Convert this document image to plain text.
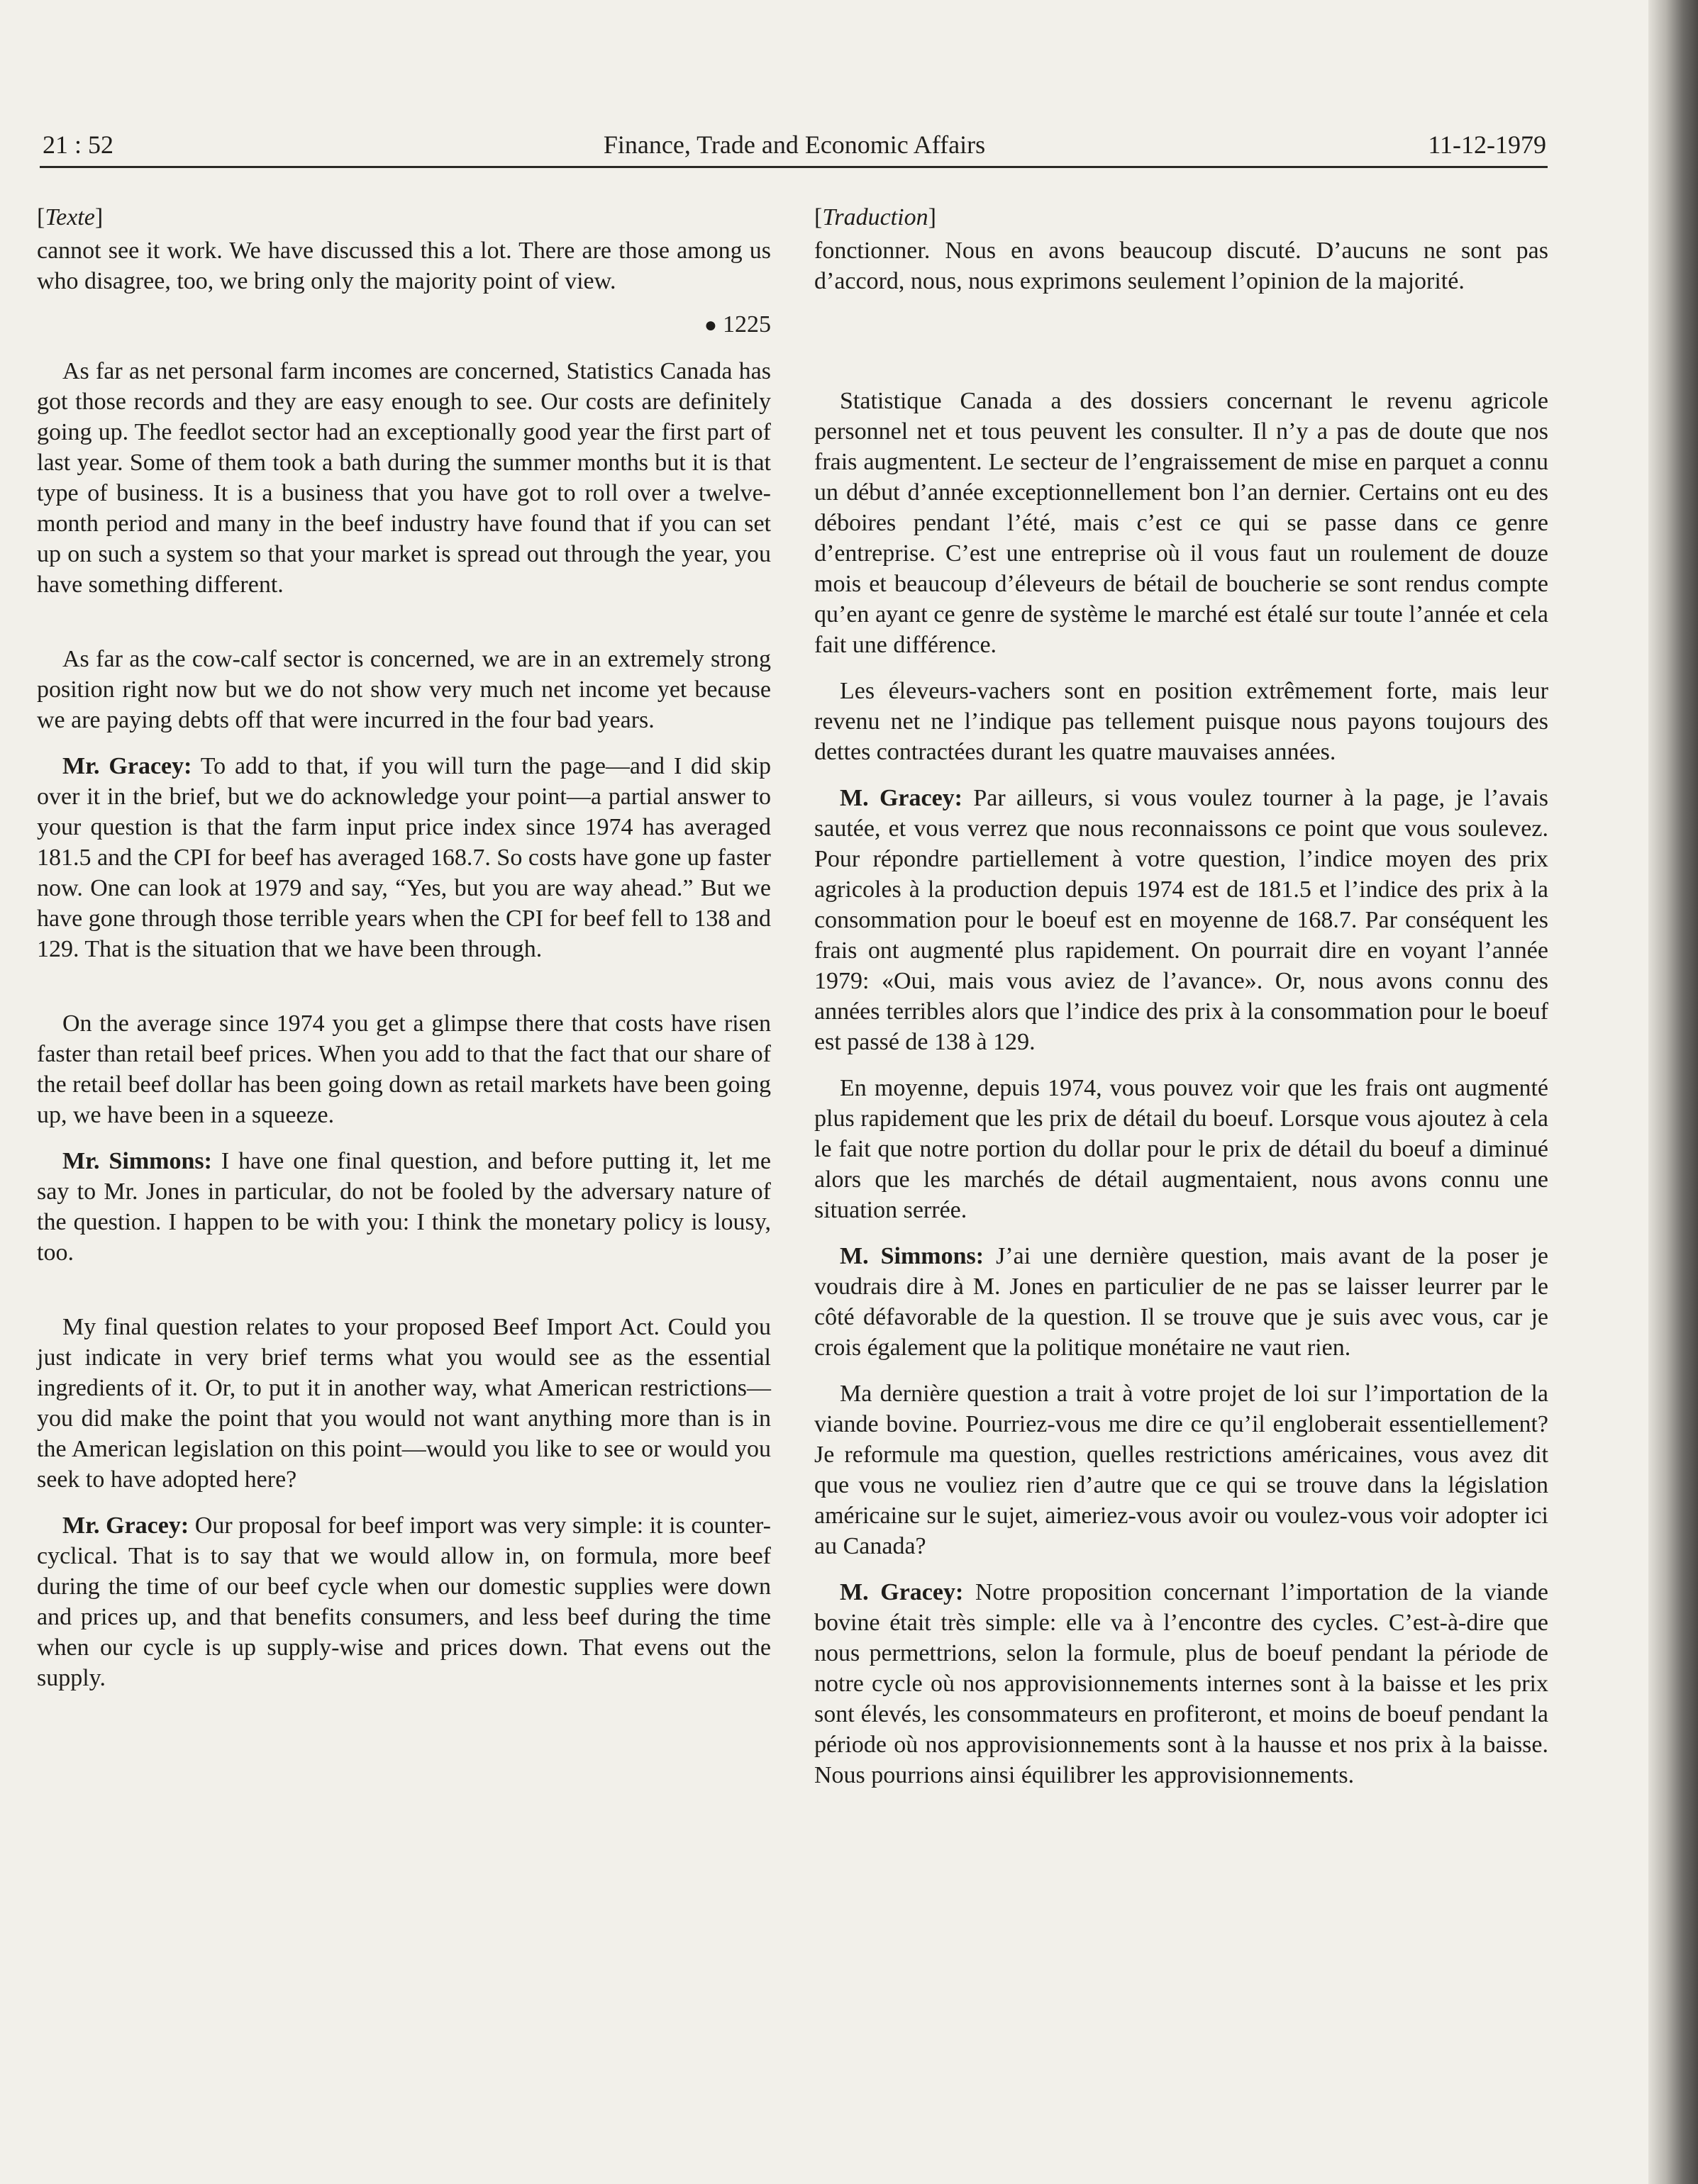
21 : 52	Finance, Trade and Economic Affairs	11-12-1979
[Texte]

cannot see it work. We have discussed this a lot. There are those among us who disagree, too, we bring only the majority point of view.

● 1225

As far as net personal farm incomes are concerned, Statistics Canada has got those records and they are easy enough to see. Our costs are definitely going up. The feedlot sector had an exceptionally good year the first part of last year. Some of them took a bath during the summer months but it is that type of business. It is a business that you have got to roll over a twelve-month period and many in the beef industry have found that if you can set up on such a system so that your market is spread out through the year, you have something different.

As far as the cow-calf sector is concerned, we are in an extremely strong position right now but we do not show very much net income yet because we are paying debts off that were incurred in the four bad years.

Mr. Gracey: To add to that, if you will turn the page—and I did skip over it in the brief, but we do acknowledge your point—a partial answer to your question is that the farm input price index since 1974 has averaged 181.5 and the CPI for beef has averaged 168.7. So costs have gone up faster now. One can look at 1979 and say, “Yes, but you are way ahead.” But we have gone through those terrible years when the CPI for beef fell to 138 and 129. That is the situation that we have been through.

On the average since 1974 you get a glimpse there that costs have risen faster than retail beef prices. When you add to that the fact that our share of the retail beef dollar has been going down as retail markets have been going up, we have been in a squeeze.

Mr. Simmons: I have one final question, and before putting it, let me say to Mr. Jones in particular, do not be fooled by the adversary nature of the question. I happen to be with you: I think the monetary policy is lousy, too.

My final question relates to your proposed Beef Import Act. Could you just indicate in very brief terms what you would see as the essential ingredients of it. Or, to put it in another way, what American restrictions—you did make the point that you would not want anything more than is in the American legislation on this point—would you like to see or would you seek to have adopted here?

Mr. Gracey: Our proposal for beef import was very simple: it is counter-cyclical. That is to say that we would allow in, on formula, more beef during the time of our beef cycle when our domestic supplies were down and prices up, and that benefits consumers, and less beef during the time when our cycle is up supply-wise and prices down. That evens out the supply.

[Traduction]

fonctionner. Nous en avons beaucoup discuté. D’aucuns ne sont pas d’accord, nous, nous exprimons seulement l’opinion de la majorité.

Statistique Canada a des dossiers concernant le revenu agricole personnel net et tous peuvent les consulter. Il n’y a pas de doute que nos frais augmentent. Le secteur de l’engraissement de mise en parquet a connu un début d’année exceptionnellement bon l’an dernier. Certains ont eu des déboires pendant l’été, mais c’est ce qui se passe dans ce genre d’entreprise. C’est une entreprise où il vous faut un roulement de douze mois et beaucoup d’éleveurs de bétail de boucherie se sont rendus compte qu’en ayant ce genre de système le marché est étalé sur toute l’année et cela fait une différence.

Les éleveurs-vachers sont en position extrêmement forte, mais leur revenu net ne l’indique pas tellement puisque nous payons toujours des dettes contractées durant les quatre mauvaises années.

M. Gracey: Par ailleurs, si vous voulez tourner à la page, je l’avais sautée, et vous verrez que nous reconnaissons ce point que vous soulevez. Pour répondre partiellement à votre question, l’indice moyen des prix agricoles à la production depuis 1974 est de 181.5 et l’indice des prix à la consommation pour le boeuf est en moyenne de 168.7. Par conséquent les frais ont augmenté plus rapidement. On pourrait dire en voyant l’année 1979: «Oui, mais vous aviez de l’avance». Or, nous avons connu des années terribles alors que l’indice des prix à la consommation pour le boeuf est passé de 138 à 129.

En moyenne, depuis 1974, vous pouvez voir que les frais ont augmenté plus rapidement que les prix de détail du boeuf. Lorsque vous ajoutez à cela le fait que notre portion du dollar pour le prix de détail du boeuf a diminué alors que les marchés de détail augmentaient, nous avons connu une situation serrée.

M. Simmons: J’ai une dernière question, mais avant de la poser je voudrais dire à M. Jones en particulier de ne pas se laisser leurrer par le côté défavorable de la question. Il se trouve que je suis avec vous, car je crois également que la politique monétaire ne vaut rien.

Ma dernière question a trait à votre projet de loi sur l’importation de la viande bovine. Pourriez-vous me dire ce qu’il engloberait essentiellement? Je reformule ma question, quelles restrictions américaines, vous avez dit que vous ne vouliez rien d’autre que ce qui se trouve dans la législation américaine sur le sujet, aimeriez-vous avoir ou voulez-vous voir adopter ici au Canada?

M. Gracey: Notre proposition concernant l’importation de la viande bovine était très simple: elle va à l’encontre des cycles. C’est-à-dire que nous permettrions, selon la formule, plus de boeuf pendant la période de notre cycle où nos approvisionnements internes sont à la baisse et les prix sont élevés, les consommateurs en profiteront, et moins de boeuf pendant la période où nos approvisionnements sont à la hausse et nos prix à la baisse. Nous pourrions ainsi équilibrer les approvisionnements.
